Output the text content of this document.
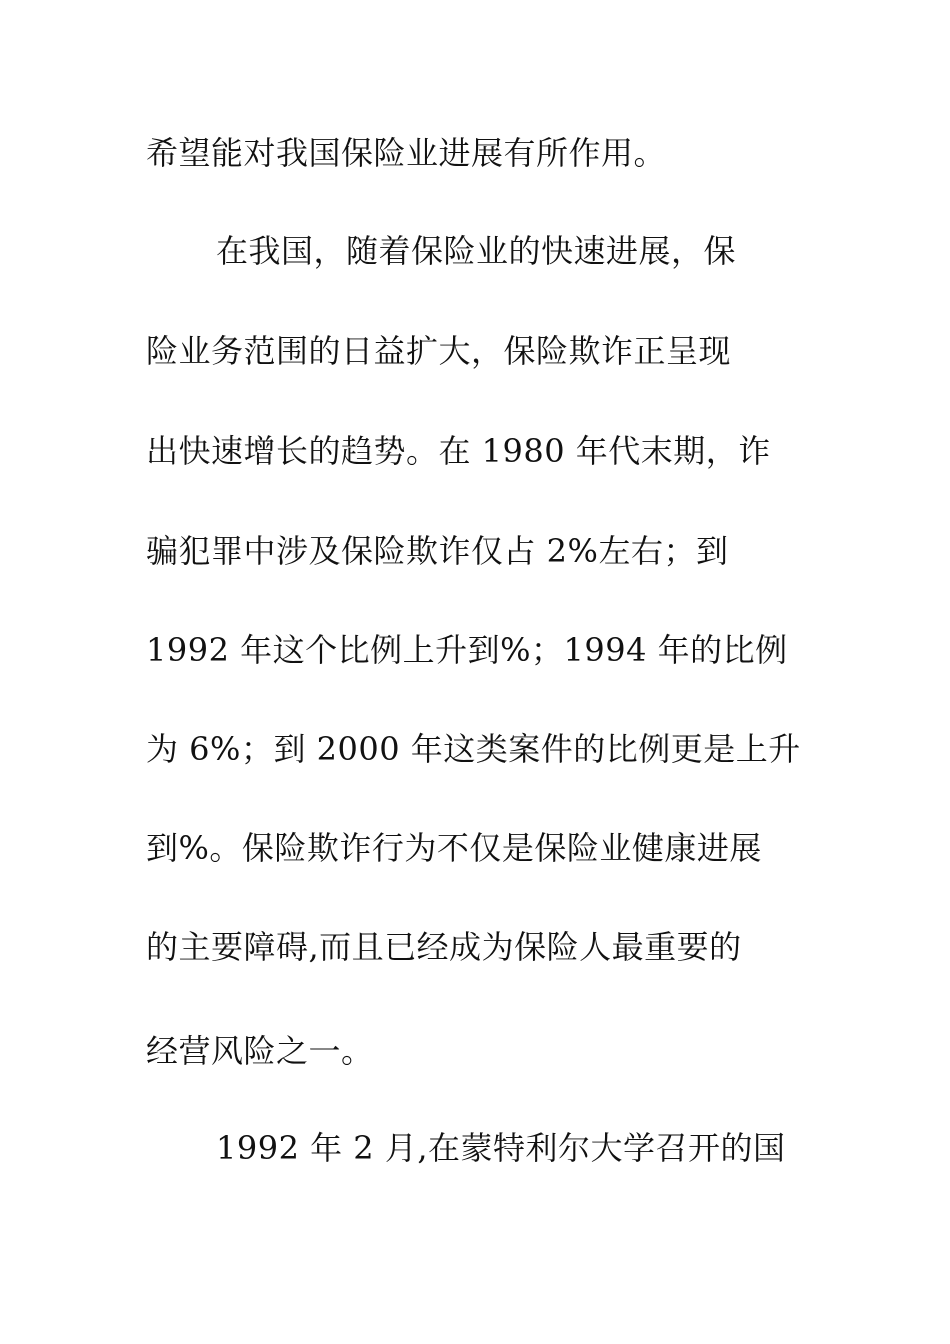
希望能对我国保险业进展有所作用。
在我国，随着保险业的快速进展，保
险业务范围的日益扩大，保险欺诈正呈现
出快速增长的趋势。在 1980 年代末期，诈
骗犯罪中涉及保险欺诈仅占 2%左右；到
1992 年这个比例上升到%；1994 年的比例
为 6%；到 2000 年这类案件的比例更是上升
到%。保险欺诈行为不仅是保险业健康进展
的主要障碍,而且已经成为保险人最重要的
经营风险之一。
1992 年 2 月,在蒙特利尔大学召开的国
